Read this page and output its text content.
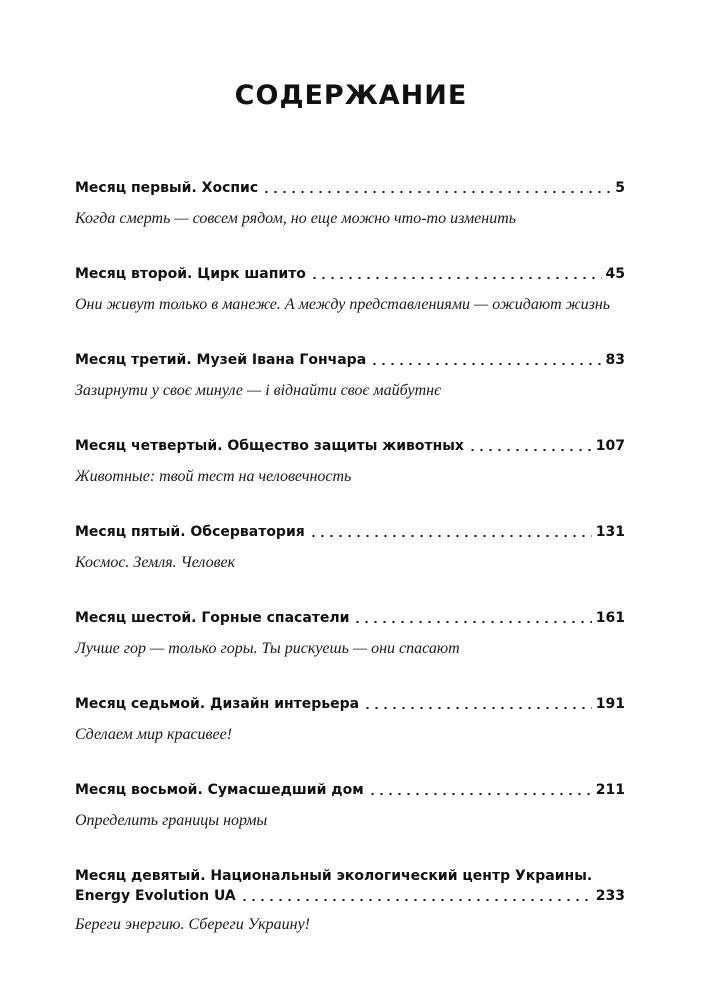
СОДЕРЖАНИЕ
Месяц первый. Хоспис	5
Когда смерть — совсем рядом, но еще можно что-то изменить
Месяц второй. Цирк шапито	45
Они живут только в манеже. А между представлениями — ожидают жизнь
Месяц третий. Музей Івана Гончара	83
Зазирнути у своє минуле — і віднайти своє майбутнє
Месяц четвертый. Общество защиты животных	107
Животные: твой тест на человечность
Месяц пятый. Обсерватория	131
Космос. Земля. Человек
Месяц шестой. Горные спасатели	161
Лучше гор — только горы. Ты рискуешь — они спасают
Месяц седьмой. Дизайн интерьера	191
Сделаем мир красивее!
Месяц восьмой. Сумасшедший дом	211
Определить границы нормы
Месяц девятый. Национальный экологический центр Украины.
Energy Evolution UA	233
Береги энергию. Сбереги Украину!
